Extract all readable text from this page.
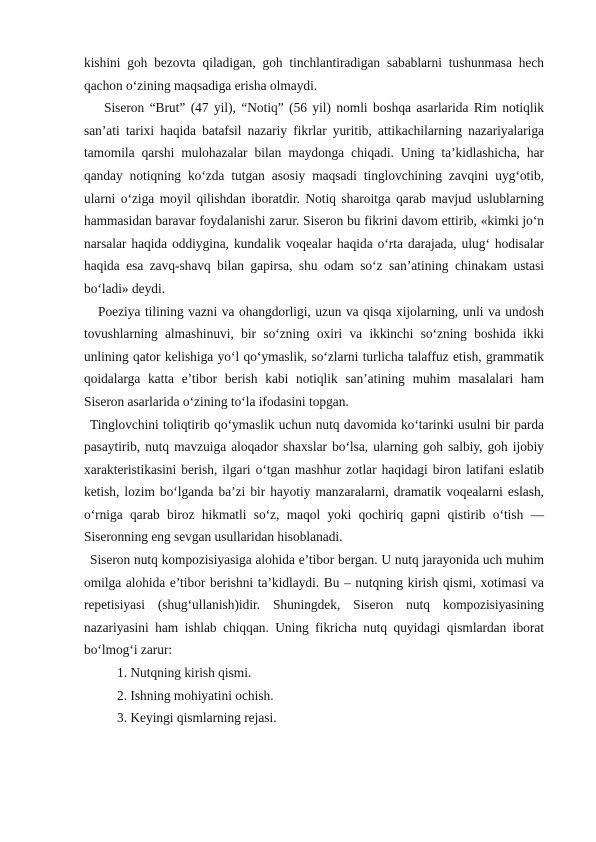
kishini goh bezovta qiladigan, goh tinchlantiradigan sabablarni tushunmasa hech qachon o‘zining maqsadiga erisha olmaydi.

Siseron “Brut” (47 yil), “Notiq” (56 yil) nomli boshqa asarlarida Rim notiqlik san’ati tarixi haqida batafsil nazariy fikrlar yuritib, attikachilarning nazariyalariga tamomila qarshi mulohazalar bilan maydonga chiqadi. Uning ta’kidlashicha, har qanday notiqning ko‘zda tutgan asosiy maqsadi tinglovchining zavqini uyg‘otib, ularni o‘ziga moyil qilishdan iboratdir. Notiq sharoitga qarab mavjud uslublarning hammasidan baravar foydalanishi zarur. Siseron bu fikrini davom ettirib, «kimki jo‘n narsalar haqida oddiygina, kundalik voqealar haqida o‘rta darajada, ulug‘ hodisalar haqida esa zavq-shavq bilan gapirsa, shu odam so‘z san’atining chinakam ustasi bo‘ladi» deydi.

Poeziya tilining vazni va ohangdorligi, uzun va qisqa xijolarning, unli va undosh tovushlarning almashinuvi, bir so‘zning oxiri va ikkinchi so‘zning boshida ikki unlining qator kelishiga yo‘l qo‘ymaslik, so‘zlarni turlicha talaffuz etish, grammatik qoidalarga katta e’tibor berish kabi notiqlik san’atining muhim masalalari ham Siseron asarlarida o‘zining to‘la ifodasini topgan.

Tinglovchini toliqtirib qo‘ymaslik uchun nutq davomida ko‘tarinki usulni bir parda pasaytirib, nutq mavzuiga aloqador shaxslar bo‘lsa, ularning goh salbiy, goh ijobiy xarakteristikasini berish, ilgari o‘tgan mashhur zotlar haqidagi biron latifani eslatib ketish, lozim bo‘lganda ba’zi bir hayotiy manzaralarni, dramatik voqealarni eslash, o‘rniga qarab biroz hikmatli so‘z, maqol yoki qochiriq gapni qistirib o‘tish — Siseronning eng sevgan usullaridan hisoblanadi.

Siseron nutq kompozisiyasiga alohida e’tibor bergan. U nutq jarayonida uch muhim omilga alohida e’tibor berishni ta’kidlaydi. Bu – nutqning kirish qismi, xotimasi va repetisiyasi (shug‘ullanish)idir. Shuningdek, Siseron nutq kompozisiyasining nazariyasini ham ishlab chiqqan. Uning fikricha nutq quyidagi qismlardan iborat bo‘lmog‘i zarur:

1. Nutqning kirish qismi.
2. Ishning mohiyatini ochish.
3. Keyingi qismlarning rejasi.
